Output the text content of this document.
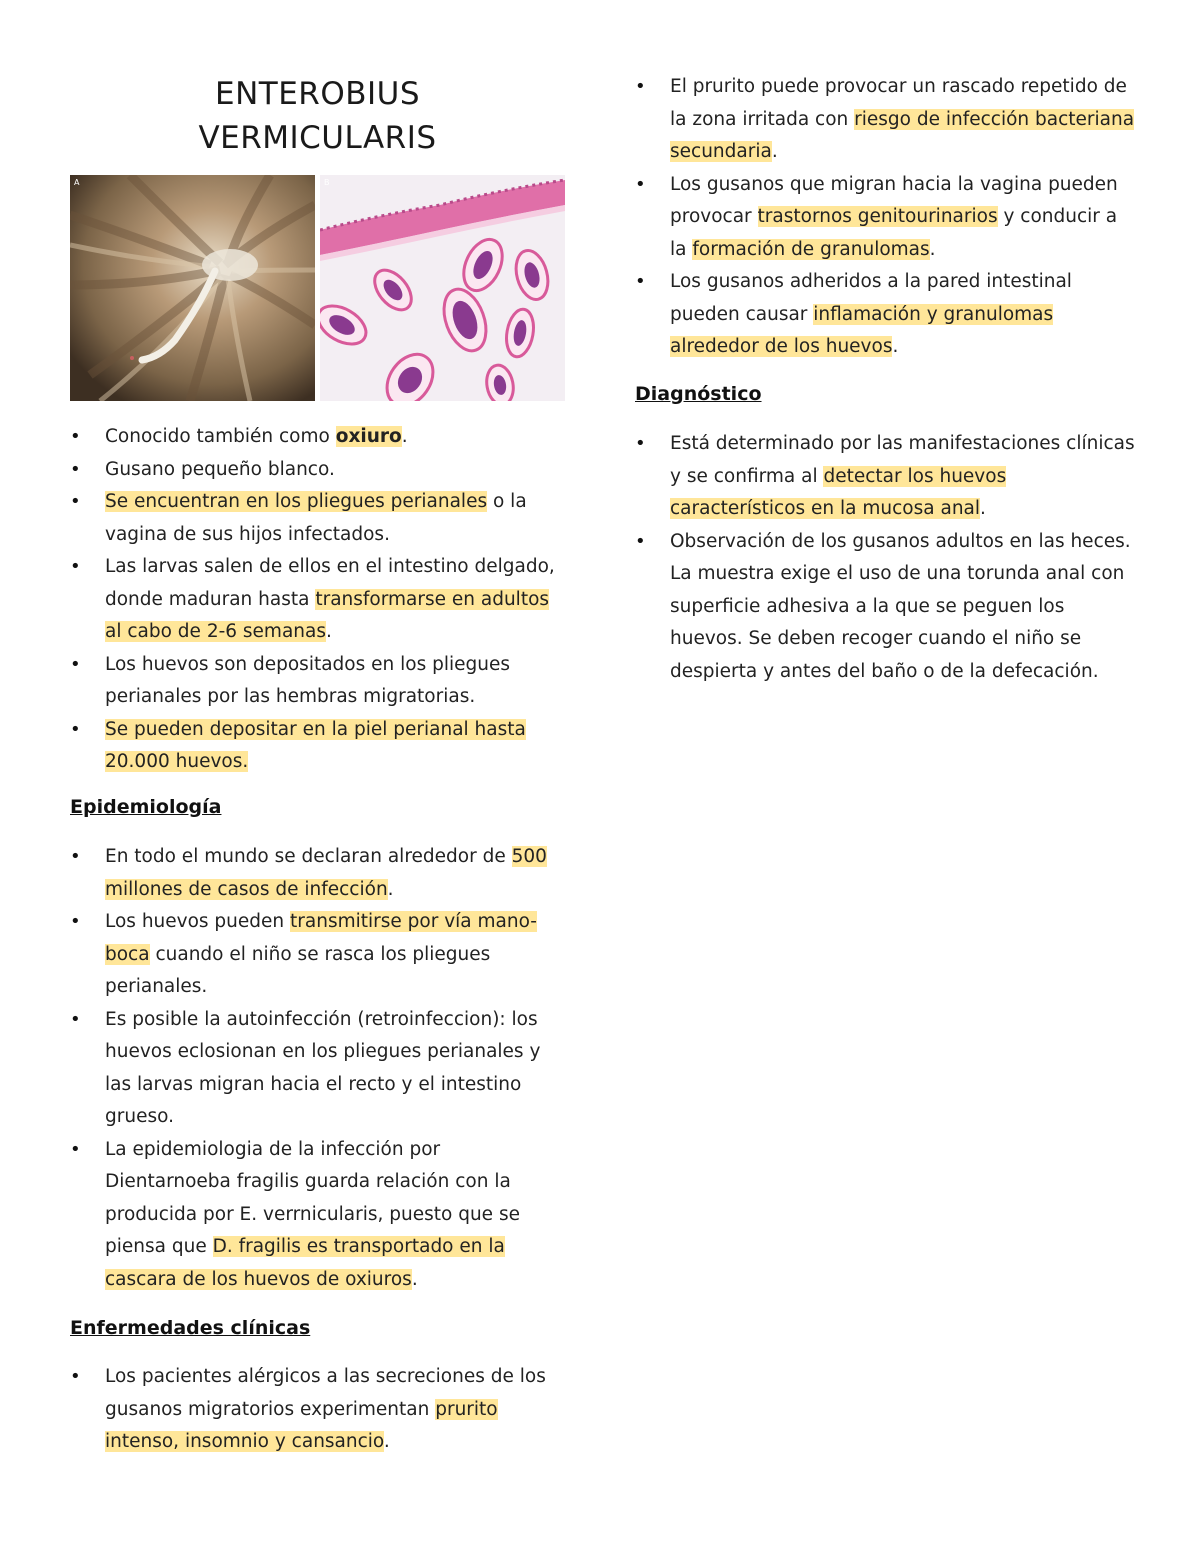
ENTEROBIUS
VERMICULARIS
A	B
• Conocido también como oxiuro.
• Gusano pequeño blanco.
• Se encuentran en los pliegues perianales o la vagina de sus hijos infectados.
• Las larvas salen de ellos en el intestino delgado, donde maduran hasta transformarse en adultos al cabo de 2-6 semanas.
• Los huevos son depositados en los pliegues perianales por las hembras migratorias.
• Se pueden depositar en la piel perianal hasta 20.000 huevos.
Epidemiología
• En todo el mundo se declaran alrededor de 500 millones de casos de infección.
• Los huevos pueden transmitirse por vía mano-boca cuando el niño se rasca los pliegues perianales.
• Es posible la autoinfección (retroinfeccion): los huevos eclosionan en los pliegues perianales y las larvas migran hacia el recto y el intestino grueso.
• La epidemiologia de la infección por Dientarnoeba fragilis guarda relación con la producida por E. verrnicularis, puesto que se piensa que D. fragilis es transportado en la cascara de los huevos de oxiuros.
Enfermedades clínicas
• Los pacientes alérgicos a las secreciones de los gusanos migratorios experimentan prurito intenso, insomnio y cansancio.
• El prurito puede provocar un rascado repetido de la zona irritada con riesgo de infección bacteriana secundaria.
• Los gusanos que migran hacia la vagina pueden provocar trastornos genitourinarios y conducir a la formación de granulomas.
• Los gusanos adheridos a la pared intestinal pueden causar inflamación y granulomas alrededor de los huevos.
Diagnóstico
• Está determinado por las manifestaciones clínicas y se confirma al detectar los huevos característicos en la mucosa anal.
• Observación de los gusanos adultos en las heces. La muestra exige el uso de una torunda anal con superficie adhesiva a la que se peguen los huevos. Se deben recoger cuando el niño se despierta y antes del baño o de la defecación.
